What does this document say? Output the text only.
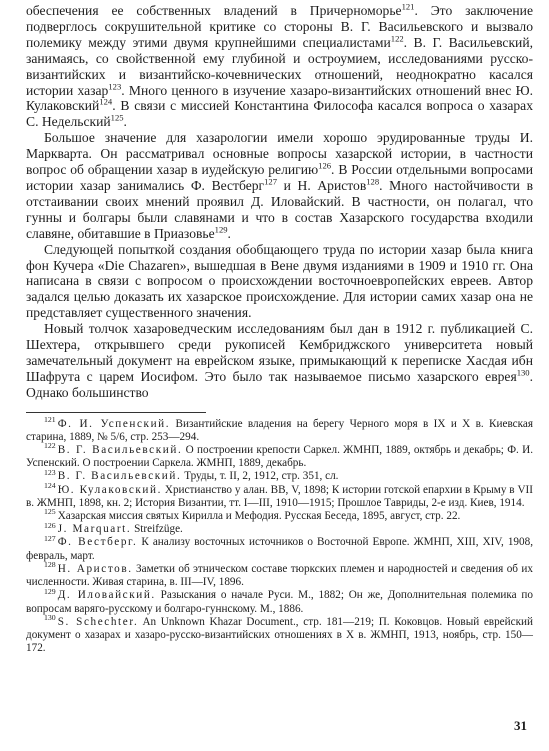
обеспечения ее собственных владений в Причерноморье$^{121}$. Это заключение подверглось сокрушительной критике со стороны В. Г. Васильевского и вызвало полемику между этими двумя крупнейшими специалистами$^{122}$. В. Г. Васильевский, занимаясь, со свойственной ему глубиной и остроумием, исследованиями русско-византийских и византийско-кочевнических отношений, неоднократно касался истории хазар$^{123}$. Много ценного в изучение хазаро-византийских отношений внес Ю. Кулаковский$^{124}$. В связи с миссией Константина Философа касался вопроса о хазарах С. Недельский$^{125}$.

Большое значение для хазарологии имели хорошо эрудированные труды И. Маркварта. Он рассматривал основные вопросы хазарской истории, в частности вопрос об обращении хазар в иудейскую религию$^{126}$. В России отдельными вопросами истории хазар занимались Ф. Вестберг$^{127}$ и Н. Аристов$^{128}$. Много настойчивости в отстаивании своих мнений проявил Д. Иловайский. В частности, он полагал, что гунны и болгары были славянами и что в состав Хазарского государства входили славяне, обитавшие в Приазовье$^{129}$.

Следующей попыткой создания обобщающего труда по истории хазар была книга фон Кучера «Die Chazaren», вышедшая в Вене двумя изданиями в 1909 и 1910 гг. Она написана в связи с вопросом о происхождении восточноевропейских евреев. Автор задался целью доказать их хазарское происхождение. Для истории самих хазар она не представляет существенного значения.

Новый толчок хазароведческим исследованиям был дан в 1912 г. публикацией С. Шехтера, открывшего среди рукописей Кембриджского университета новый замечательный документ на еврейском языке, примыкающий к переписке Хасдая ибн Шафрута с царем Иосифом. Это было так называемое письмо хазарского еврея$^{130}$. Однако большинство

$^{121}$ Ф. И. Успенский. Византийские владения на берегу Черного моря в IX и X в. Киевская старина, 1889, № 5/6, стр. 253—294.

$^{122}$ В. Г. Васильевский. О построении крепости Саркел. ЖМНП, 1889, октябрь и декабрь; Ф. И. Успенский. О построении Саркела. ЖМНП, 1889, декабрь.

$^{123}$ В. Г. Васильевский. Труды, т. II, 2, 1912, стр. 351, сл.

$^{124}$ Ю. Кулаковский. Христианство у алан. ВВ, V, 1898; К истории готской епархии в Крыму в VII в. ЖМНП, 1898, кн. 2; История Византии, тт. I—III, 1910—1915; Прошлое Тавриды, 2-е изд. Киев, 1914.

$^{125}$ Хазарская миссия святых Кирилла и Мефодия. Русская Беседа, 1895, август, стр. 22.

$^{126}$ J. Marquart. Streifzüge.

$^{127}$ Ф. Вестберг. К анализу восточных источников о Восточной Европе. ЖМНП, XIII, XIV, 1908, февраль, март.

$^{128}$ Н. Аристов. Заметки об этническом составе тюркских племен и народностей и сведения об их численности. Живая старина, в. III—IV, 1896.

$^{129}$ Д. Иловайский. Разыскания о начале Руси. М., 1882; Он же, Дополнительная полемика по вопросам варяго-русскому и болгаро-гуннскому. М., 1886.

$^{130}$ S. Schechter. An Unknown Khazar Document., стр. 181—219; П. Коковцов. Новый еврейский документ о хазарах и хазаро-русско-византийских отношениях в X в. ЖМНП, 1913, ноябрь, стр. 150—172.

31
